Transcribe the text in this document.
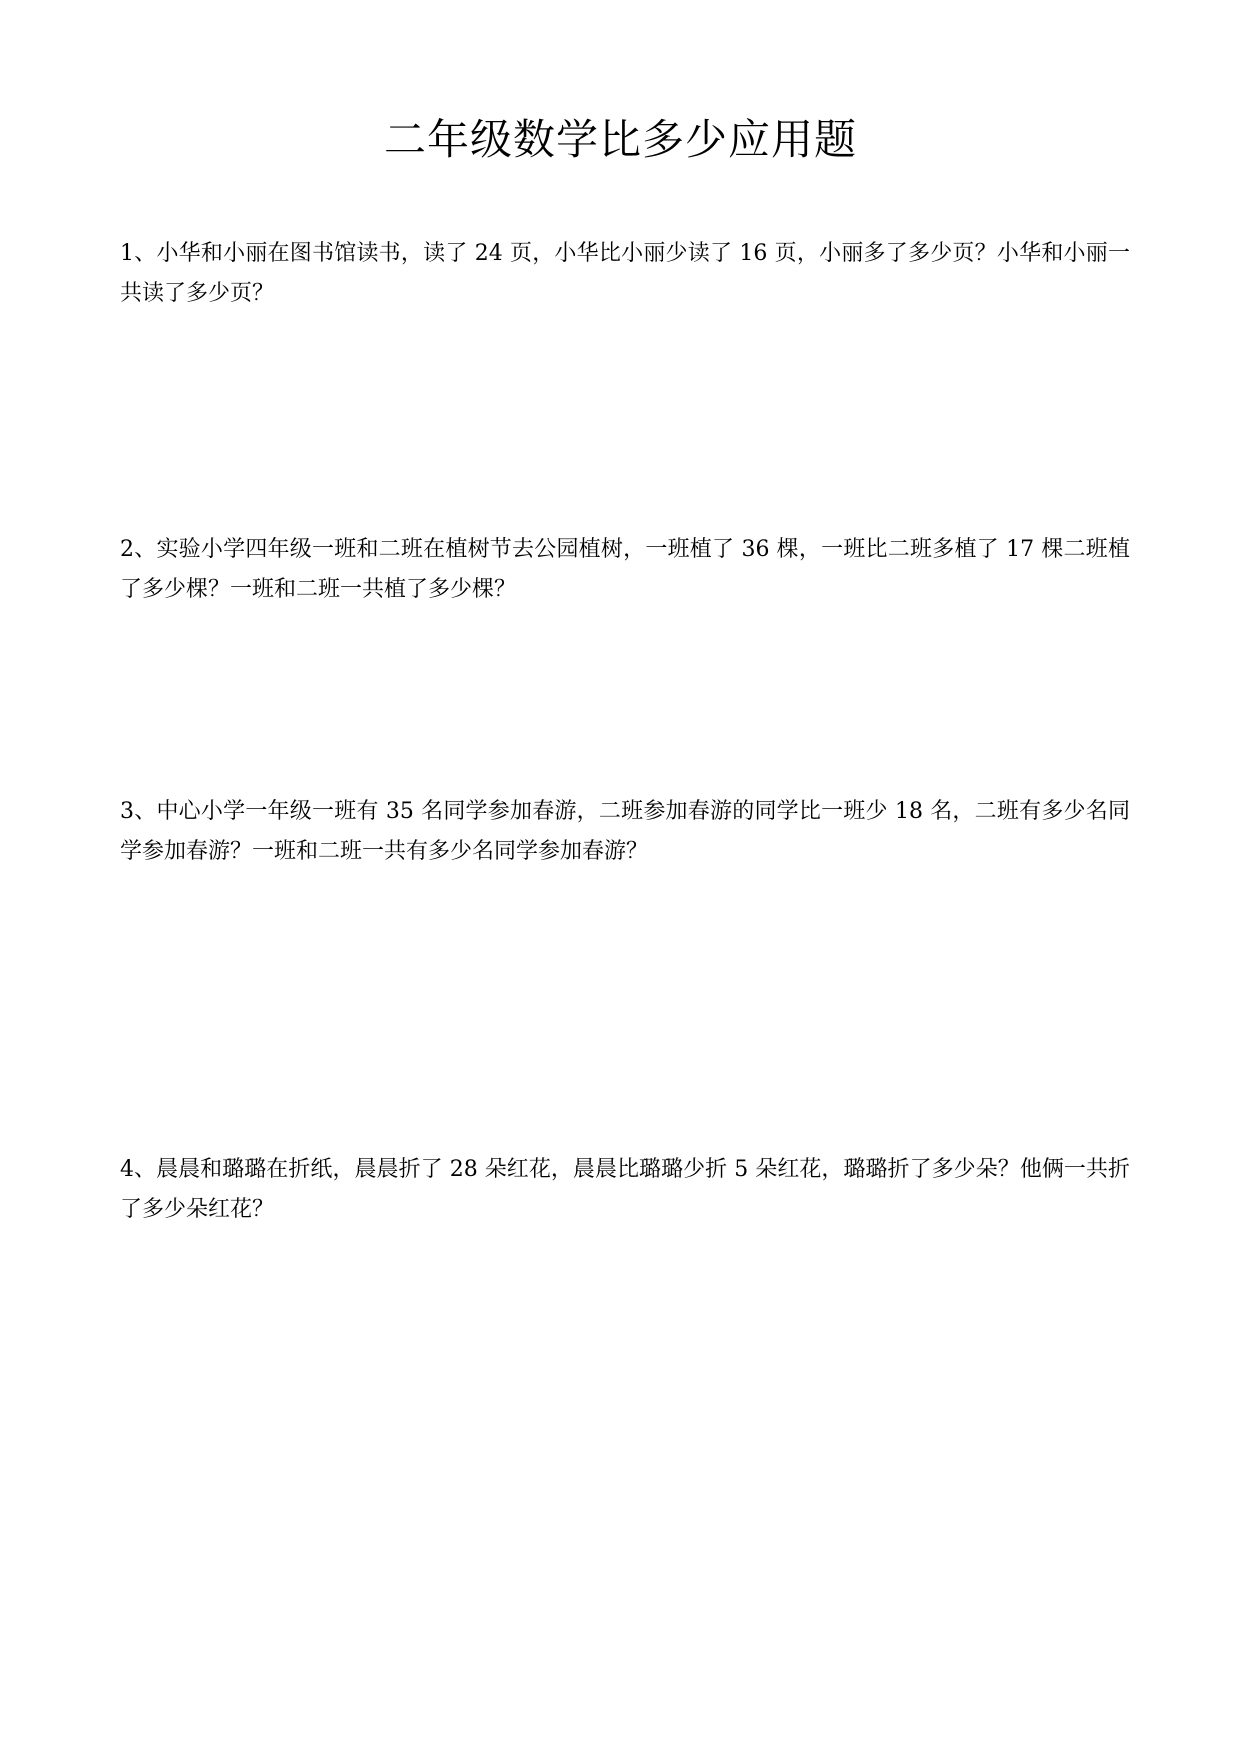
二年级数学比多少应用题

1、小华和小丽在图书馆读书，读了 24 页，小华比小丽少读了 16 页，小丽多了多少页？小华和小丽一共读了多少页？

2、实验小学四年级一班和二班在植树节去公园植树，一班植了 36 棵，一班比二班多植了 17 棵二班植了多少棵？一班和二班一共植了多少棵？

3、中心小学一年级一班有 35 名同学参加春游，二班参加春游的同学比一班少 18 名，二班有多少名同学参加春游？一班和二班一共有多少名同学参加春游？

4、晨晨和璐璐在折纸，晨晨折了 28 朵红花，晨晨比璐璐少折 5 朵红花，璐璐折了多少朵？他俩一共折了多少朵红花？
